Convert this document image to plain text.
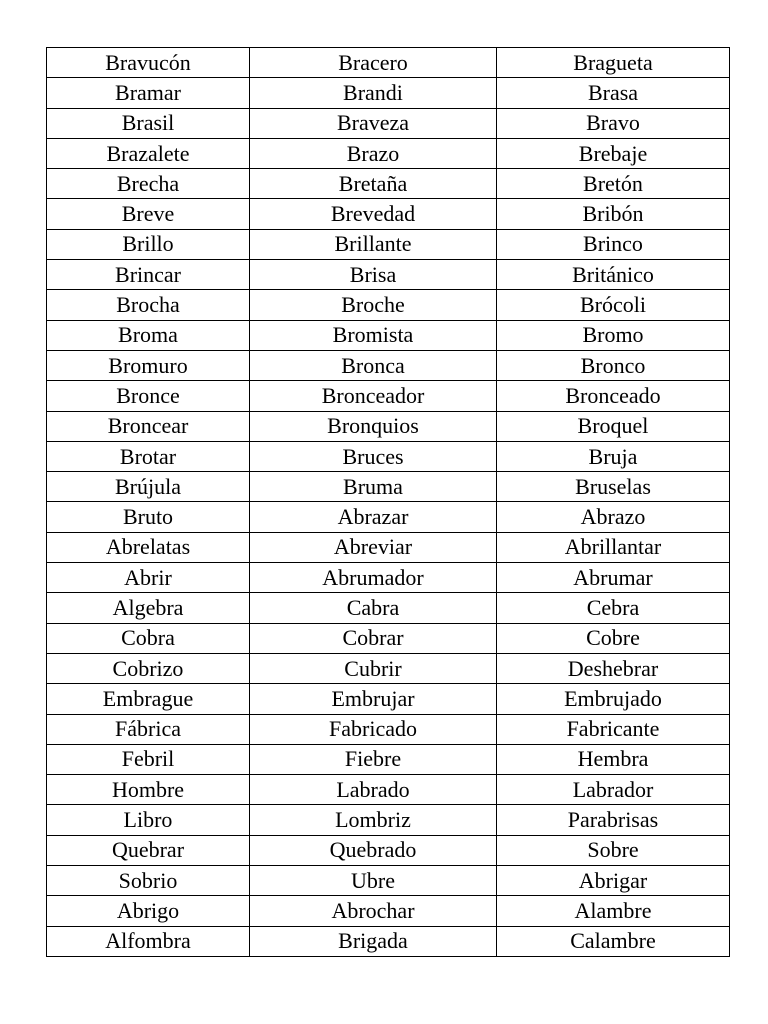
Bravucón	Bracero	Bragueta
Bramar	Brandi	Brasa
Brasil	Braveza	Bravo
Brazalete	Brazo	Brebaje
Brecha	Bretaña	Bretón
Breve	Brevedad	Bribón
Brillo	Brillante	Brinco
Brincar	Brisa	Británico
Brocha	Broche	Brócoli
Broma	Bromista	Bromo
Bromuro	Bronca	Bronco
Bronce	Bronceador	Bronceado
Broncear	Bronquios	Broquel
Brotar	Bruces	Bruja
Brújula	Bruma	Bruselas
Bruto	Abrazar	Abrazo
Abrelatas	Abreviar	Abrillantar
Abrir	Abrumador	Abrumar
Algebra	Cabra	Cebra
Cobra	Cobrar	Cobre
Cobrizo	Cubrir	Deshebrar
Embrague	Embrujar	Embrujado
Fábrica	Fabricado	Fabricante
Febril	Fiebre	Hembra
Hombre	Labrado	Labrador
Libro	Lombriz	Parabrisas
Quebrar	Quebrado	Sobre
Sobrio	Ubre	Abrigar
Abrigo	Abrochar	Alambre
Alfombra	Brigada	Calambre
